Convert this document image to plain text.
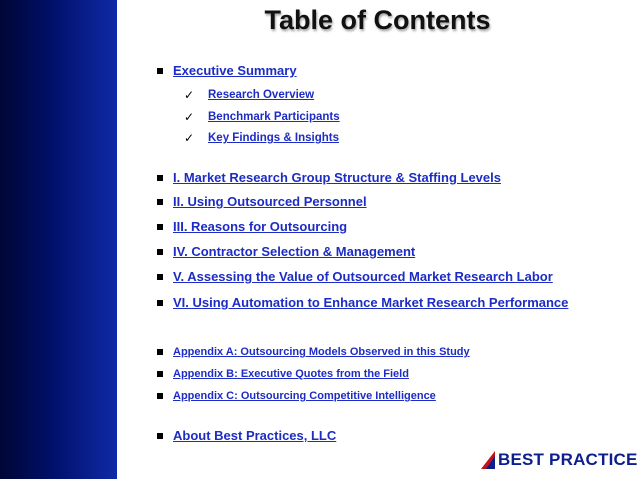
Table of Contents
Executive Summary
✓	Research Overview
✓	Benchmark Participants
✓	Key Findings & Insights
I. Market Research Group Structure & Staffing Levels
II. Using Outsourced Personnel
III. Reasons for Outsourcing
IV. Contractor Selection & Management
V. Assessing the Value of Outsourced Market Research Labor
VI. Using Automation to Enhance Market Research Performance
Appendix A: Outsourcing Models Observed in this Study
Appendix B: Executive Quotes from the Field
Appendix C: Outsourcing Competitive Intelligence
About Best Practices, LLC
BEST PRACTICE
